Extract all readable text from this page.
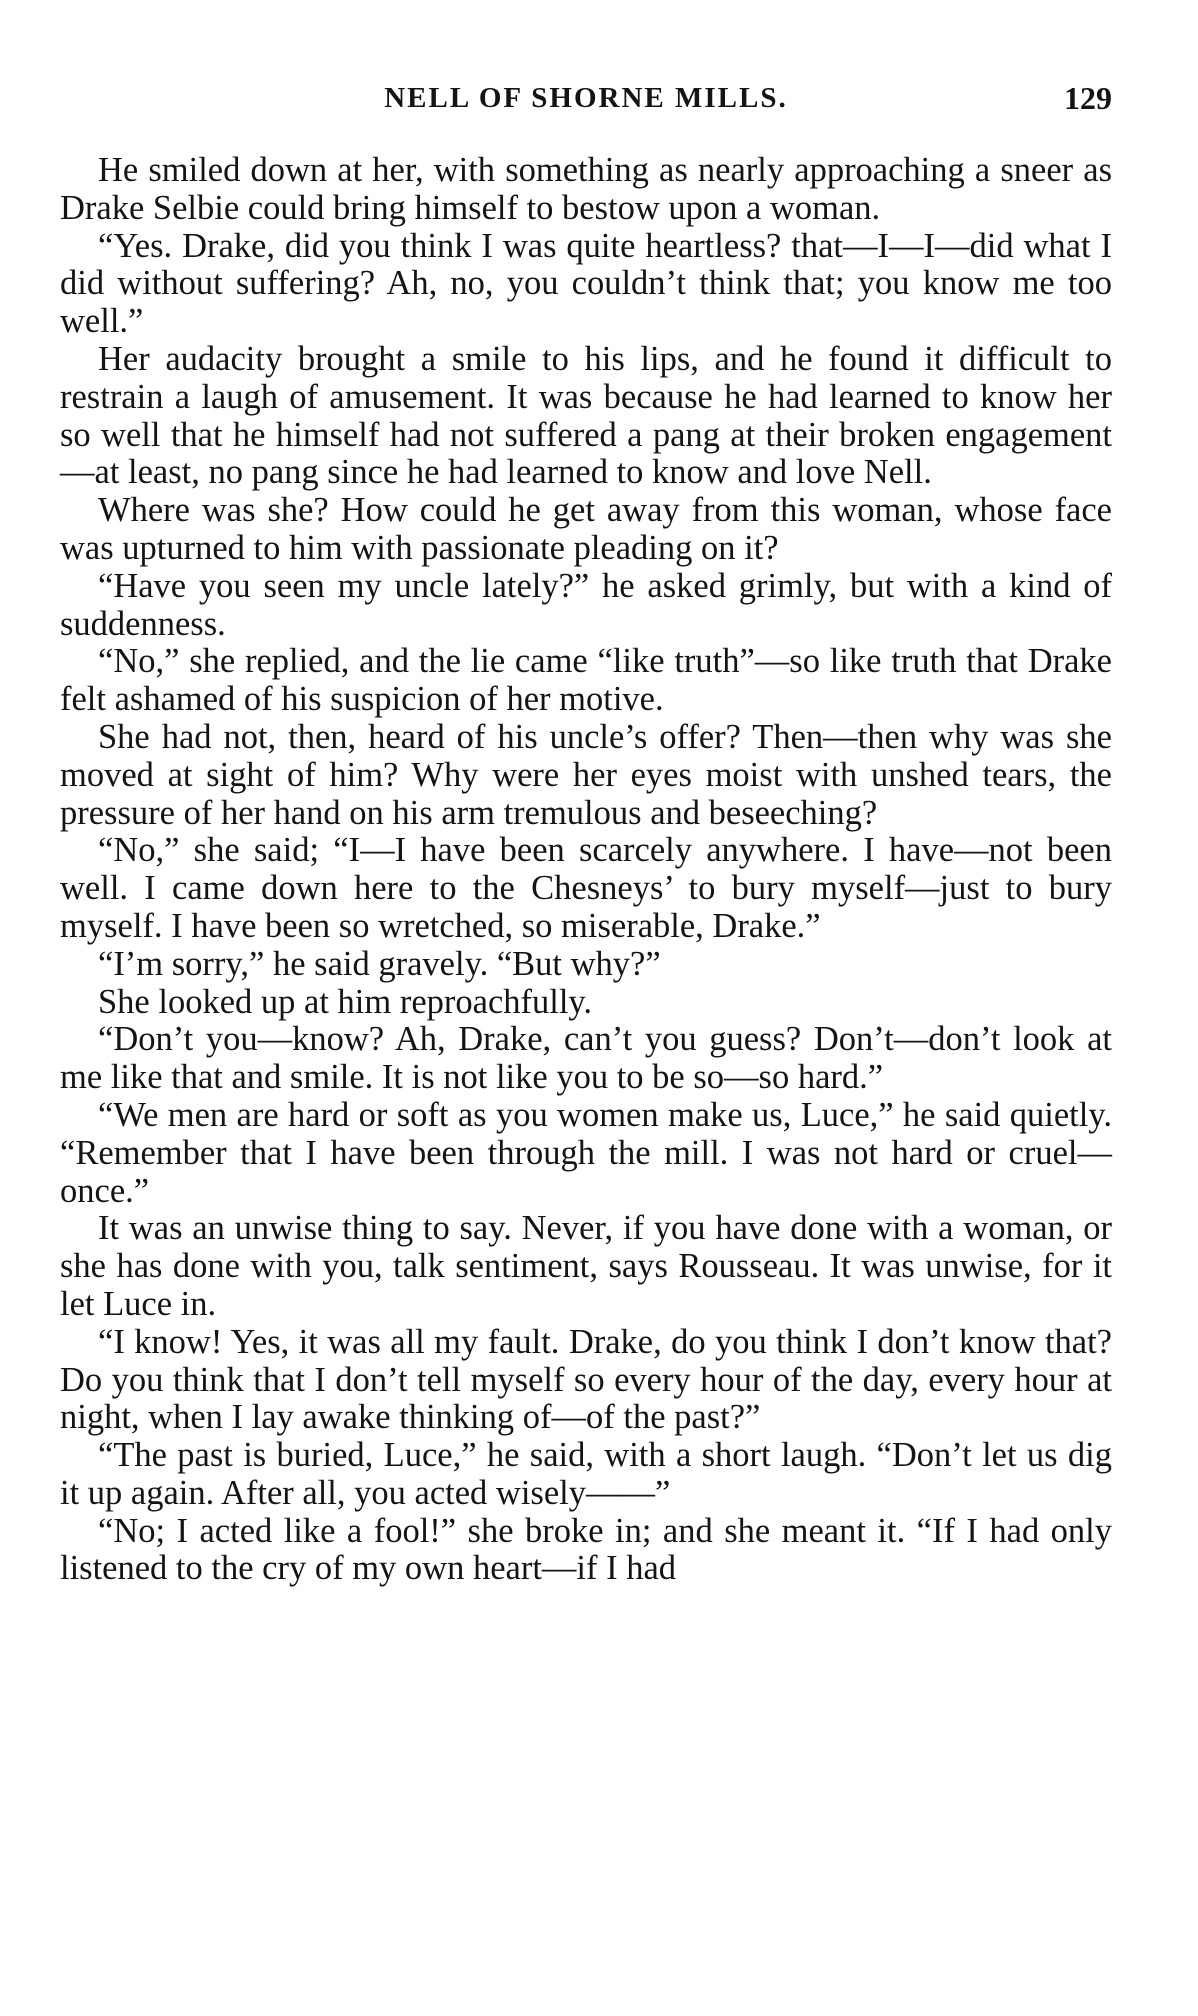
NELL OF SHORNE MILLS.	129

He smiled down at her, with something as nearly approaching a sneer as Drake Selbie could bring himself to bestow upon a woman.

“Yes. Drake, did you think I was quite heartless? that—I—I—did what I did without suffering? Ah, no, you couldn’t think that; you know me too well.”

Her audacity brought a smile to his lips, and he found it difficult to restrain a laugh of amusement. It was because he had learned to know her so well that he himself had not suffered a pang at their broken engagement—at least, no pang since he had learned to know and love Nell.

Where was she? How could he get away from this woman, whose face was upturned to him with passionate pleading on it?

“Have you seen my uncle lately?” he asked grimly, but with a kind of suddenness.

“No,” she replied, and the lie came “like truth”—so like truth that Drake felt ashamed of his suspicion of her motive.

She had not, then, heard of his uncle’s offer? Then—then why was she moved at sight of him? Why were her eyes moist with unshed tears, the pressure of her hand on his arm tremulous and beseeching?

“No,” she said; “I—I have been scarcely anywhere. I have—not been well. I came down here to the Chesneys’ to bury myself—just to bury myself. I have been so wretched, so miserable, Drake.”

“I’m sorry,” he said gravely. “But why?”

She looked up at him reproachfully.

“Don’t you—know? Ah, Drake, can’t you guess? Don’t—don’t look at me like that and smile. It is not like you to be so—so hard.”

“We men are hard or soft as you women make us, Luce,” he said quietly. “Remember that I have been through the mill. I was not hard or cruel—once.”

It was an unwise thing to say. Never, if you have done with a woman, or she has done with you, talk sentiment, says Rousseau. It was unwise, for it let Luce in.

“I know! Yes, it was all my fault. Drake, do you think I don’t know that? Do you think that I don’t tell myself so every hour of the day, every hour at night, when I lay awake thinking of—of the past?”

“The past is buried, Luce,” he said, with a short laugh. “Don’t let us dig it up again. After all, you acted wisely——”

“No; I acted like a fool!” she broke in; and she meant it. “If I had only listened to the cry of my own heart—if I had
